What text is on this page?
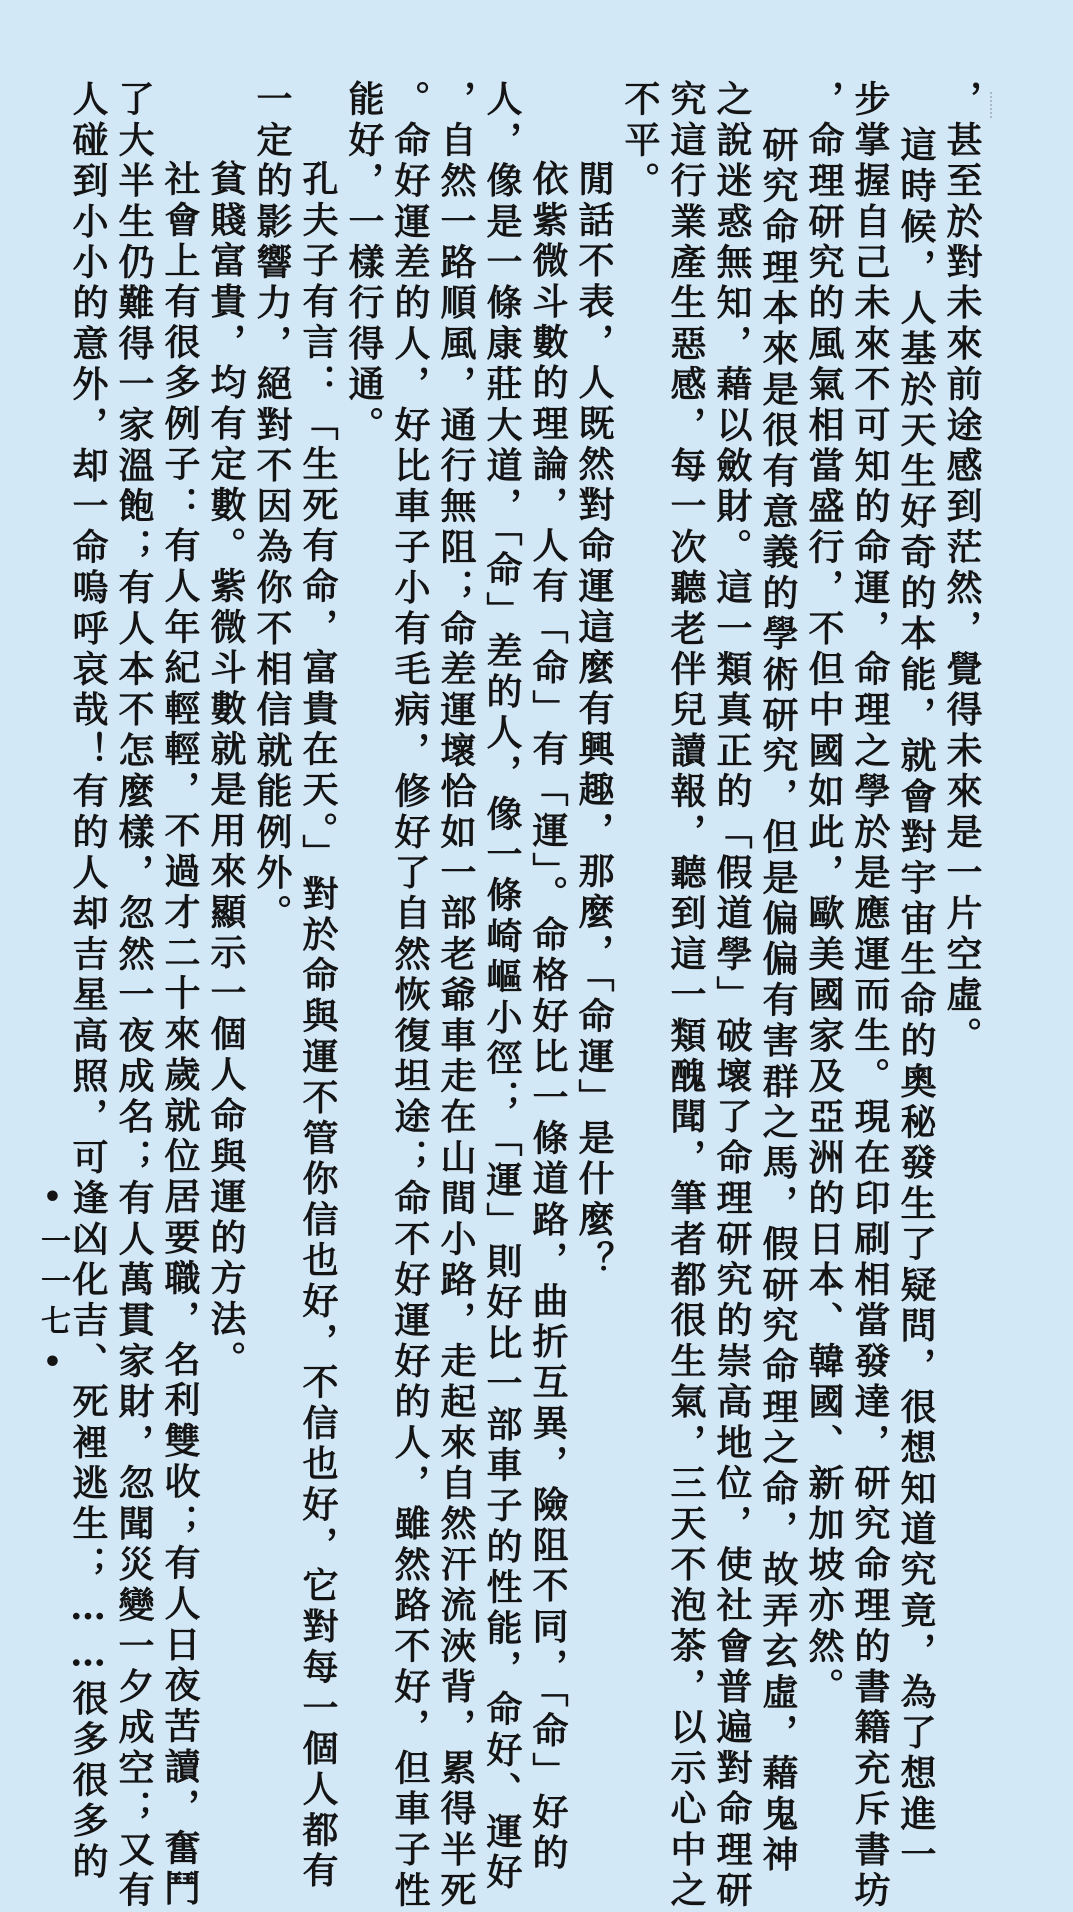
，甚至於對未來前途感到茫然，覺得未來是一片空虛。
這時候，人基於天生好奇的本能，就會對宇宙生命的奧秘發生了疑問，很想知道究竟，為了想進一
步掌握自己未來不可知的命運，命理之學於是應運而生。現在印刷相當發達，研究命理的書籍充斥書坊
，命理研究的風氣相當盛行，不但中國如此，歐美國家及亞洲的日本、韓國、新加坡亦然。
研究命理本來是很有意義的學術研究，但是偏偏有害群之馬，假研究命理之命，故弄玄虛，藉鬼神
之說迷惑無知，藉以斂財。這一類真正的「假道學」破壞了命理研究的崇高地位，使社會普遍對命理研
究這行業產生惡感，每一次聽老伴兒讀報，聽到這一類醜聞，筆者都很生氣，三天不泡茶，以示心中之
不平。
閒話不表，人既然對命運這麼有興趣，那麼，「命運」是什麼？
依紫微斗數的理論，人有「命」有「運」。命格好比一條道路，曲折互異，險阻不同，「命」好的
人，像是一條康莊大道，「命」差的人，像一條崎嶇小徑；「運」則好比一部車子的性能，命好、運好
，自然一路順風，通行無阻；命差運壞恰如一部老爺車走在山間小路，走起來自然汗流浹背，累得半死
。命好運差的人，好比車子小有毛病，修好了自然恢復坦途；命不好運好的人，雖然路不好，但車子性
能好，一樣行得通。
孔夫子有言：「生死有命，富貴在天。」對於命與運不管你信也好，不信也好，它對每一個人都有
一定的影響力，絕對不因為你不相信就能例外。
貧賤富貴，均有定數。紫微斗數就是用來顯示一個人命與運的方法。
社會上有很多例子：有人年紀輕輕，不過才二十來歲就位居要職，名利雙收；有人日夜苦讀，奮鬥
了大半生仍難得一家溫飽；有人本不怎麼樣，忽然一夜成名；有人萬貫家財，忽聞災變一夕成空；又有
人碰到小小的意外，却一命嗚呼哀哉！有的人却吉星高照，可逢凶化吉、死裡逃生；……很多很多的
•一一七•
